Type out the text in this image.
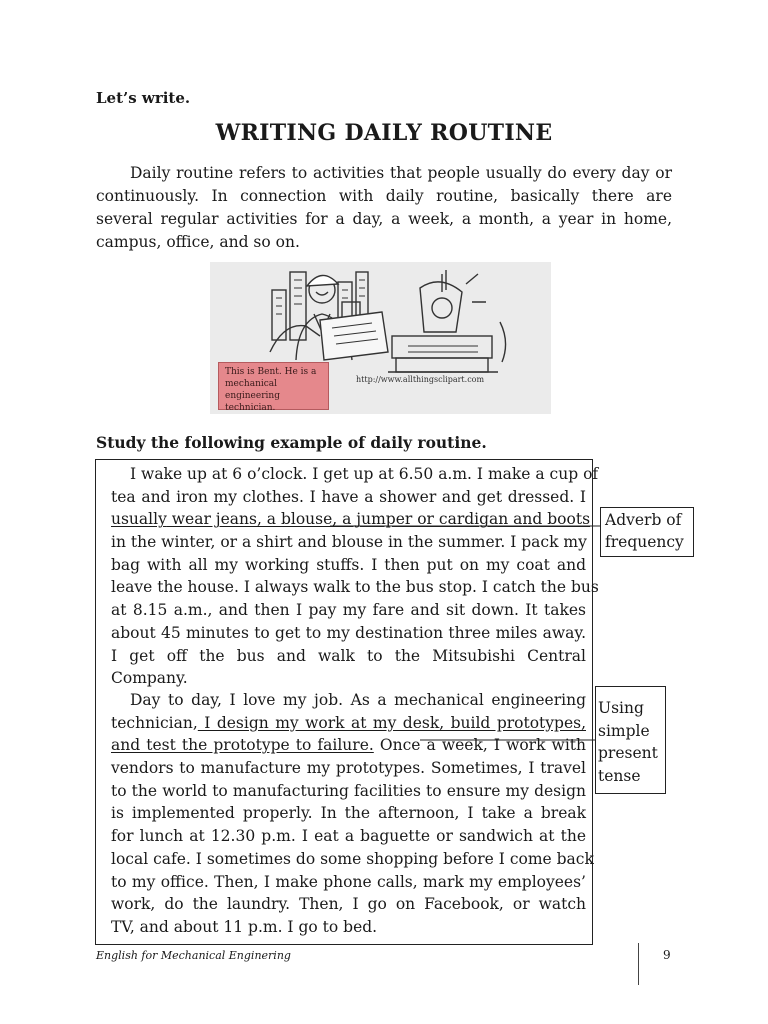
Let’s write.
WRITING DAILY ROUTINE

Daily routine refers to activities that people usually do every day or continuously. In connection with daily routine, basically there are several regular activities for a day, a week, a month, a year in home, campus, office, and so on.

This is Bent. He is a mechanical engineering technician.
http://www.allthingsclipart.com
Study the following example of daily routine.
I wake up at 6 o’clock. I get up at 6.50 a.m. I make a cup of
tea and iron my clothes. I have a shower and get dressed. I
usually wear jeans, a blouse, a jumper or cardigan and boots
in the winter, or a shirt and blouse in the summer. I pack my
bag with all my working stuffs. I then put on my coat and
leave the house. I always walk to the bus stop. I catch the bus
at 8.15 a.m., and then I pay my fare and sit down. It takes
about 45 minutes to get to my destination three miles away.
I get off the bus and walk to the Mitsubishi Central
Company.
Day to day, I love my job. As a mechanical engineering
technician, I design my work at my desk, build prototypes,
and test the prototype to failure. Once a week, I work with
vendors to manufacture my prototypes. Sometimes, I travel
to the world to manufacturing facilities to ensure my design
is implemented properly. In the afternoon, I take a break
for lunch at 12.30 p.m. I eat a baguette or sandwich at the
local cafe. I sometimes do some shopping before I come back
to my office. Then, I make phone calls, mark my employees’
work, do the laundry. Then, I go on Facebook, or watch
TV, and about 11 p.m. I go to bed.
Adverb of
frequency
Using
simple
present
tense
English for Mechanical Enginering	9
